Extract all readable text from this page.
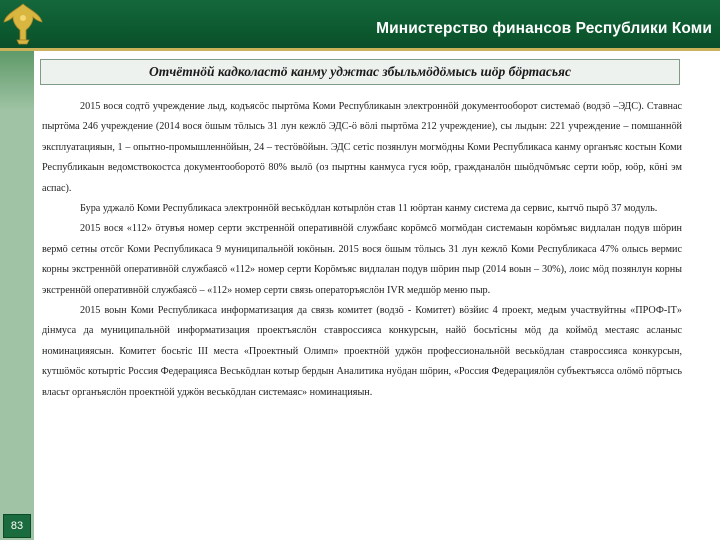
Министерство финансов Республики Коми
83
Отчётнӧй кадколастӧ канму уджтас збыльмӧдӧмысь шӧр бӧртасьяс

2015 вося содтӧ учреждение лыд, кодъясӧс пыртӧма Коми Республикаын электроннӧй документооборот системаӧ (водзӧ –ЭДС). Ставнас пыртӧма 246 учреждение (2014 вося ӧшым тӧлысь 31 лун кежлӧ ЭДС-ӧ вӧлі пыртӧма 212 учреждение), сы лыдын: 221 учреждение – помшаннӧй эксплуатацияын, 1 – опытно-промышленнӧйын, 24 – тестӧвӧйын. ЭДС сетіс позянлун могмӧдны Коми Республикаса канму органъяс костын Коми Республикаын ведомствокостса документооборотӧ 80% вылӧ (оз пыртны канмуса гуся юӧр, гражданалӧн шыӧдчӧмъяс серти юӧр, юӧр, кӧні эм аспас).

Бура уджалӧ Коми Республикаса электроннӧй веськӧдлан котырлӧн став 11 юӧртан канму система да сервис, кытчӧ пырӧ 37 модуль.

2015 вося «112» ӧтувъя номер серти экстреннӧй оперативнӧй службаяс корӧмсӧ могмӧдан системаын корӧмъяс видлалан подув шӧрин вермӧ сетны отсӧг Коми Республикаса 9 муниципальнӧй юкӧнын. 2015 вося ӧшым тӧлысь 31 лун кежлӧ Коми Республикаса 47% олысь вермис корны экстреннӧй оперативнӧй службаясӧ «112» номер серти Корӧмъяс видлалан подув шӧрин пыр (2014 воын – 30%), лоис мӧд позянлун корны экстреннӧй оперативнӧй службаясӧ – «112» номер серти связь операторъяслӧн IVR медшӧр меню пыр.

2015 воын Коми Республикаса информатизация да связь комитет (водзӧ - Комитет) вӧзйис 4 проект, медым участвуйтны «ПРОФ-IT» дінмуса да муниципальнӧй информатизация проектъяслӧн ставроссияса конкурсын, найӧ босьтісны мӧд да коймӧд местаяс асланыс номинацияясын. Комитет босьтіс III места «Проектный Олимп» проектнӧй уджӧн профессиональнӧй веськӧдлан ставроссияса конкурсын, кутшӧмӧс котыртіс Россия Федерацияса Веськӧдлан котыр бердын Аналитика нуӧдан шӧрин, «Россия Федерациялӧн субъектъясса олӧмӧ пӧртысь власьт органъяслӧн проектнӧй уджӧн веськӧдлан системаяс» номинацияын.
